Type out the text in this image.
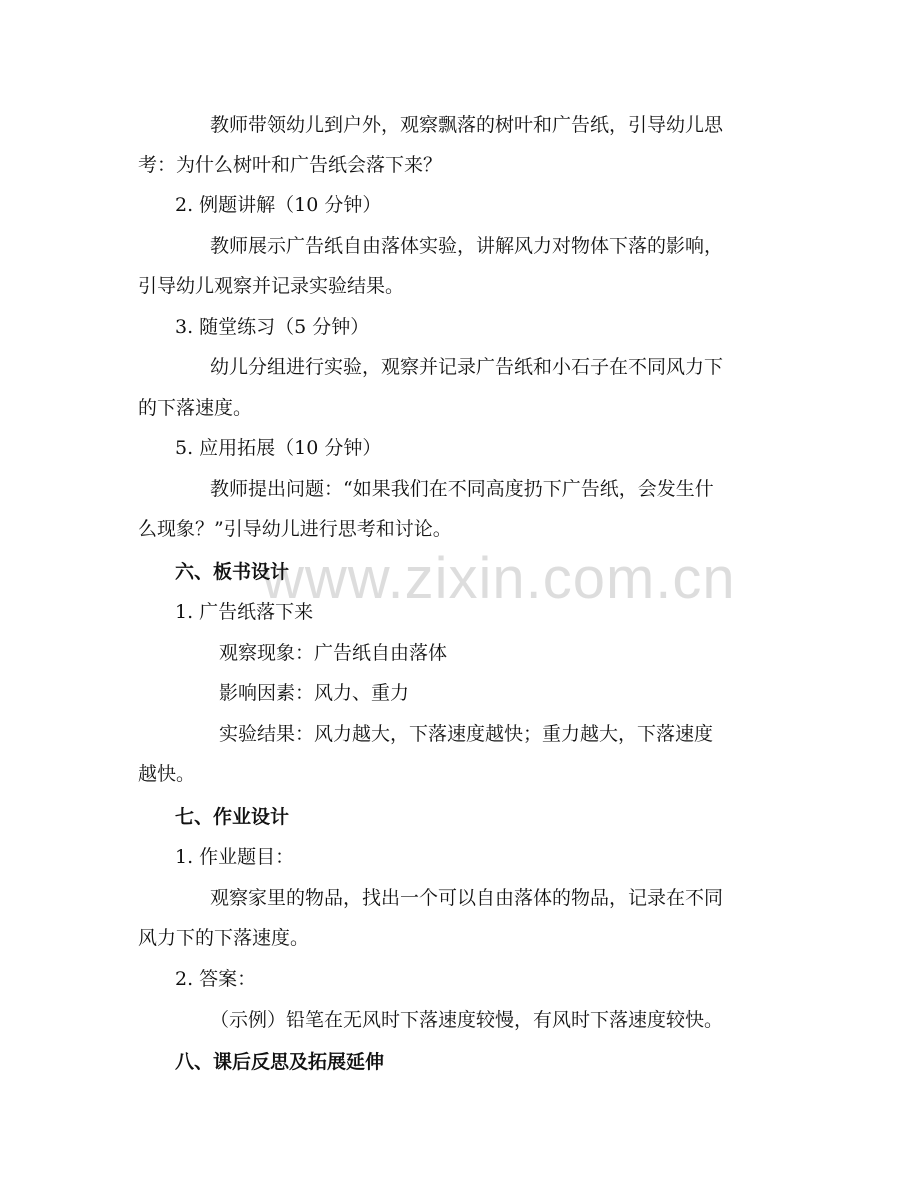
www.zixin.com.cn
教师带领幼儿到户外，观察飘落的树叶和广告纸，引导幼儿思
考：为什么树叶和广告纸会落下来？
2. 例题讲解（10 分钟）
教师展示广告纸自由落体实验，讲解风力对物体下落的影响，
引导幼儿观察并记录实验结果。
3. 随堂练习（5 分钟）
幼儿分组进行实验，观察并记录广告纸和小石子在不同风力下
的下落速度。
5. 应用拓展（10 分钟）
教师提出问题：“如果我们在不同高度扔下广告纸，会发生什
么现象？”引导幼儿进行思考和讨论。
六、板书设计
1. 广告纸落下来
观察现象：广告纸自由落体
影响因素：风力、重力
实验结果：风力越大，下落速度越快；重力越大，下落速度
越快。
七、作业设计
1. 作业题目：
观察家里的物品，找出一个可以自由落体的物品，记录在不同
风力下的下落速度。
2. 答案：
（示例）铅笔在无风时下落速度较慢，有风时下落速度较快。
八、课后反思及拓展延伸
